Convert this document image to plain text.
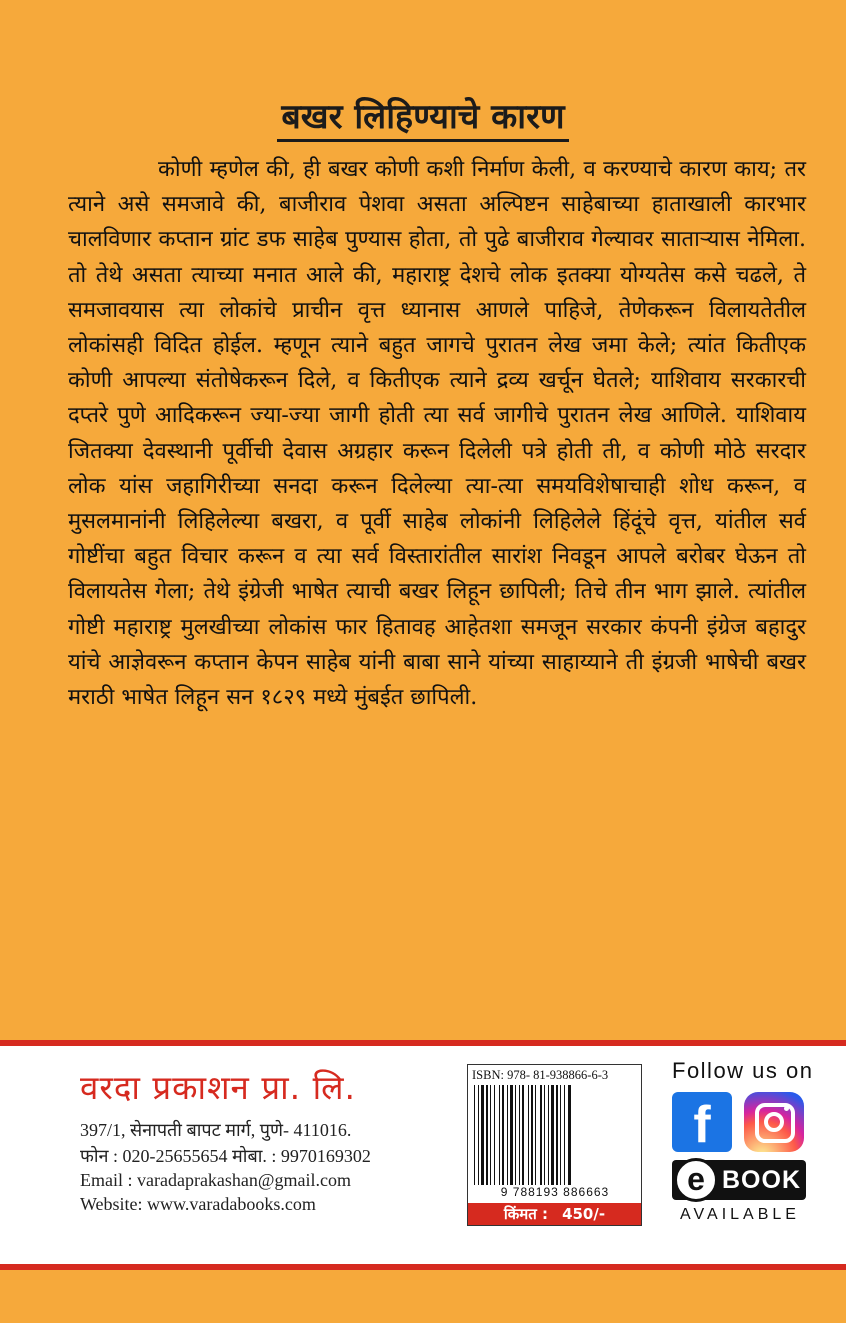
बखर लिहिण्याचे कारण
कोणी म्हणेल की, ही बखर कोणी कशी निर्माण केली, व करण्याचे कारण काय; तर त्याने असे समजावे की, बाजीराव पेशवा असता अल्पिष्टन साहेबाच्या हाताखाली कारभार चालविणार कप्तान ग्रांट डफ साहेब पुण्यास होता, तो पुढे बाजीराव गेल्यावर साताऱ्यास नेमिला. तो तेथे असता त्याच्या मनात आले की, महाराष्ट्र देशचे लोक इतक्या योग्यतेस कसे चढले, ते समजावयास त्या लोकांचे प्राचीन वृत्त ध्यानास आणले पाहिजे, तेणेकरून विलायतेतील लोकांसही विदित होईल. म्हणून त्याने बहुत जागचे पुरातन लेख जमा केले; त्यांत कितीएक कोणी आपल्या संतोषेकरून दिले, व कितीएक त्याने द्रव्य खर्चून घेतले; याशिवाय सरकारची दप्तरे पुणे आदिकरून ज्या-ज्या जागी होती त्या सर्व जागीचे पुरातन लेख आणिले. याशिवाय जितक्या देवस्थानी पूर्वीची देवास अग्रहार करून दिलेली पत्रे होती ती, व कोणी मोठे सरदार लोक यांस जहागिरीच्या सनदा करून दिलेल्या त्या-त्या समयविशेषाचाही शोध करून, व मुसलमानांनी लिहिलेल्या बखरा, व पूर्वी साहेब लोकांनी लिहिलेले हिंदूंचे वृत्त, यांतील सर्व गोष्टींचा बहुत विचार करून व त्या सर्व विस्तारांतील सारांश निवडून आपले बरोबर घेऊन तो विलायतेस गेला; तेथे इंग्रेजी भाषेत त्याची बखर लिहून छापिली; तिचे तीन भाग झाले. त्यांतील गोष्टी महाराष्ट्र मुलखीच्या लोकांस फार हितावह आहेतशा समजून सरकार कंपनी इंग्रेज बहादुर यांचे आज्ञेवरून कप्तान केपन साहेब यांनी बाबा साने यांच्या साहाय्याने ती इंग्रजी भाषेची बखर मराठी भाषेत लिहून सन १८२९ मध्ये मुंबईत छापिली.
वरदा प्रकाशन प्रा. लि.
397/1, सेनापती बापट मार्ग, पुणे- 411016.
फोन : 020-25655654 मोबा. : 9970169302
Email : varadaprakashan@gmail.com
Website: www.varadabooks.com
ISBN: 978- 81-938866-6-3
9 788193 886663
किंमत : 450/-
Follow us on
f
e BOOK
AVAILABLE
